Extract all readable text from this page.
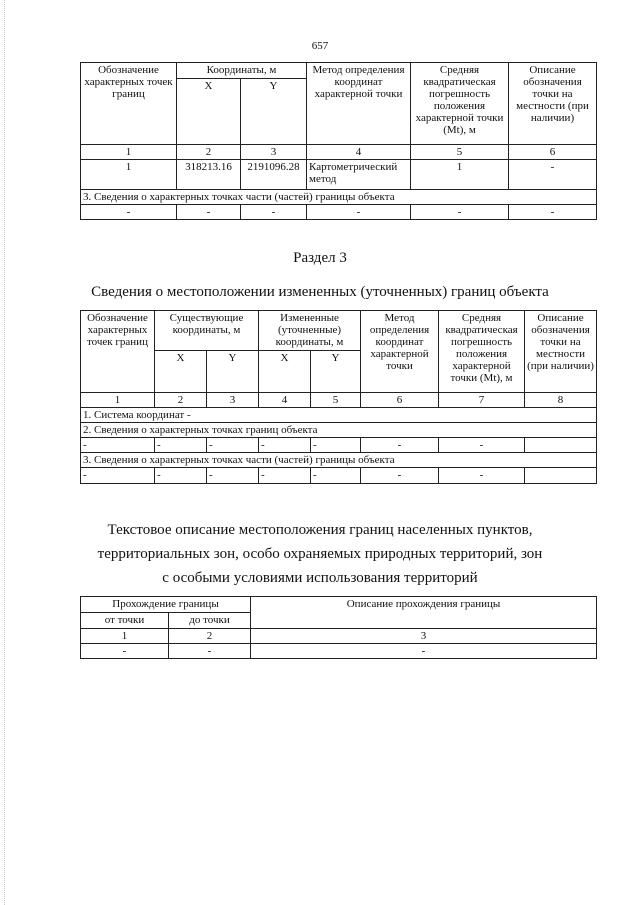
657
Обозначение характерных точек границ	Координаты, м		Метод определения координат характерной точки	Средняя квадратическая погрешность положения характерной точки (Mt), м	Описание обозначения точки на местности (при наличии)
	X	Y			
1	2	3	4	5	6
1	318213.16	2191096.28	Картометрический метод	1	-
3. Сведения о характерных точках части (частей) границы объекта					
-	-	-	-	-	-
Раздел 3
Сведения о местоположении измененных (уточненных) границ объекта
Обозначение характерных точек границ	Существующие координаты, м		Измененные (уточненные) координаты, м		Метод определения координат характерной точки	Средняя квадратическая погрешность положения характерной точки (Mt), м	Описание обозначения точки на местности (при наличии)
	X	Y	X	Y			
1	2	3	4	5	6	7	8
1. Система координат -							
2. Сведения о характерных точках границ объекта							
-	-	-	-	-	-	-	
3. Сведения о характерных точках части (частей) границы объекта							
-	-	-	-	-	-	-	
Текстовое описание местоположения границ населенных пунктов,
территориальных зон, особо охраняемых природных территорий, зон
с особыми условиями использования территорий
Прохождение границы		Описание прохождения границы
от точки	до точки	
1	2	3
-	-	-
